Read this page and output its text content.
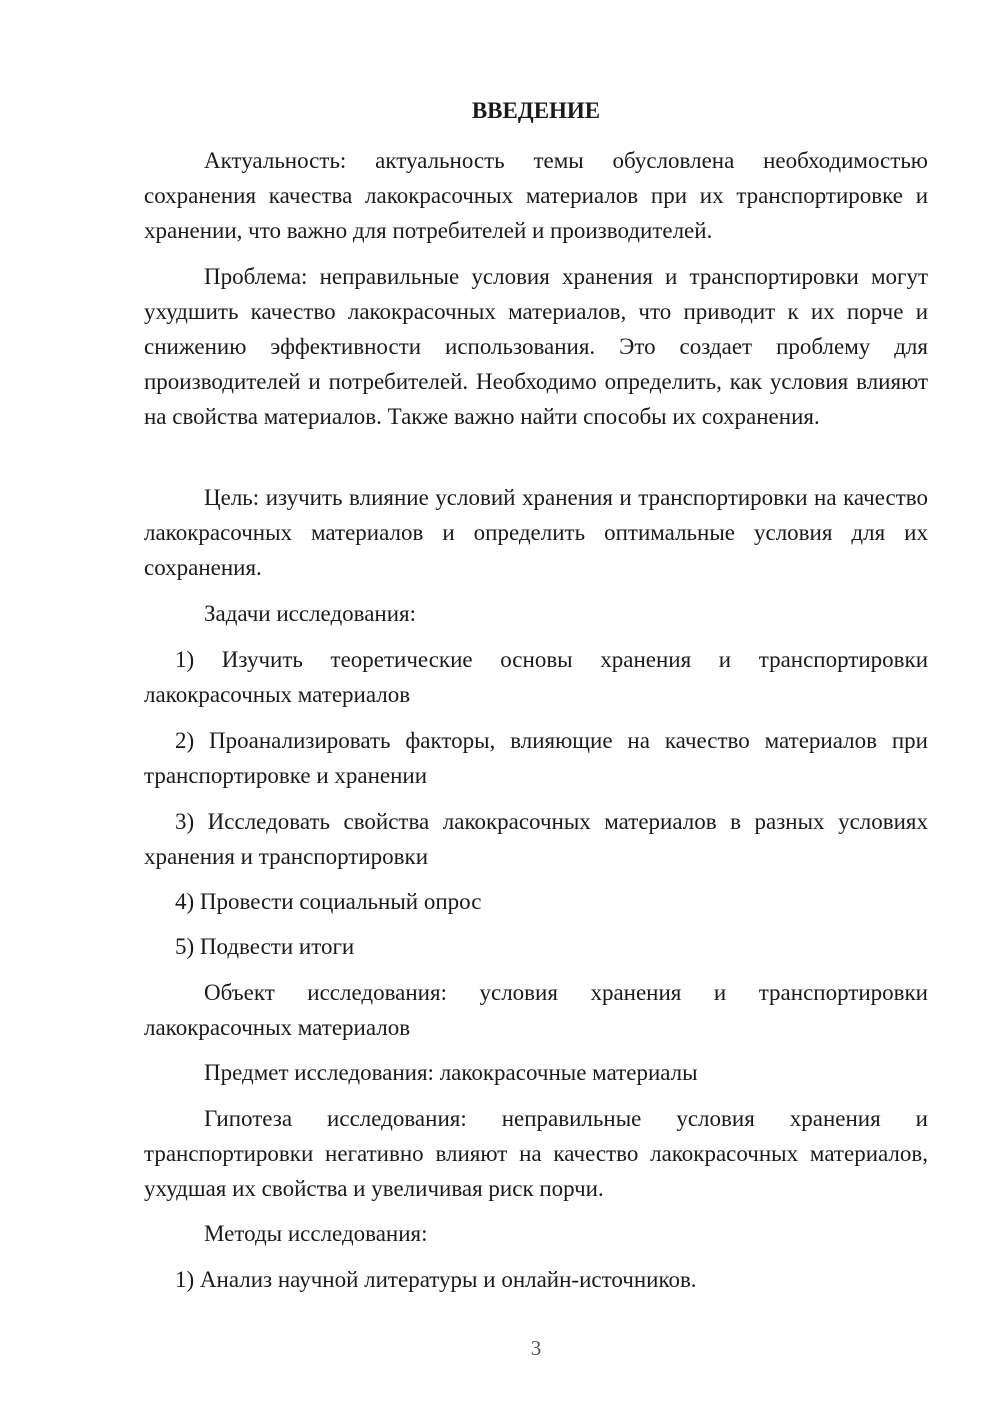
ВВЕДЕНИЕ

Актуальность: актуальность темы обусловлена необходимостью сохранения качества лакокрасочных материалов при их транспортировке и хранении, что важно для потребителей и производителей.

Проблема: неправильные условия хранения и транспортировки могут ухудшить качество лакокрасочных материалов, что приводит к их порче и снижению эффективности использования. Это создает проблему для производителей и потребителей. Необходимо определить, как условия влияют на свойства материалов. Также важно найти способы их сохранения.

Цель: изучить влияние условий хранения и транспортировки на качество лакокрасочных материалов и определить оптимальные условия для их сохранения.

Задачи исследования:

1) Изучить теоретические основы хранения и транспортировки лакокрасочных материалов

2) Проанализировать факторы, влияющие на качество материалов при транспортировке и хранении

3) Исследовать свойства лакокрасочных материалов в разных условиях хранения и транспортировки

4) Провести социальный опрос

5) Подвести итоги

Объект исследования: условия хранения и транспортировки лакокрасочных материалов

Предмет исследования: лакокрасочные материалы

Гипотеза исследования: неправильные условия хранения и транспортировки негативно влияют на качество лакокрасочных материалов, ухудшая их свойства и увеличивая риск порчи.

Методы исследования:

1) Анализ научной литературы и онлайн-источников.

3
